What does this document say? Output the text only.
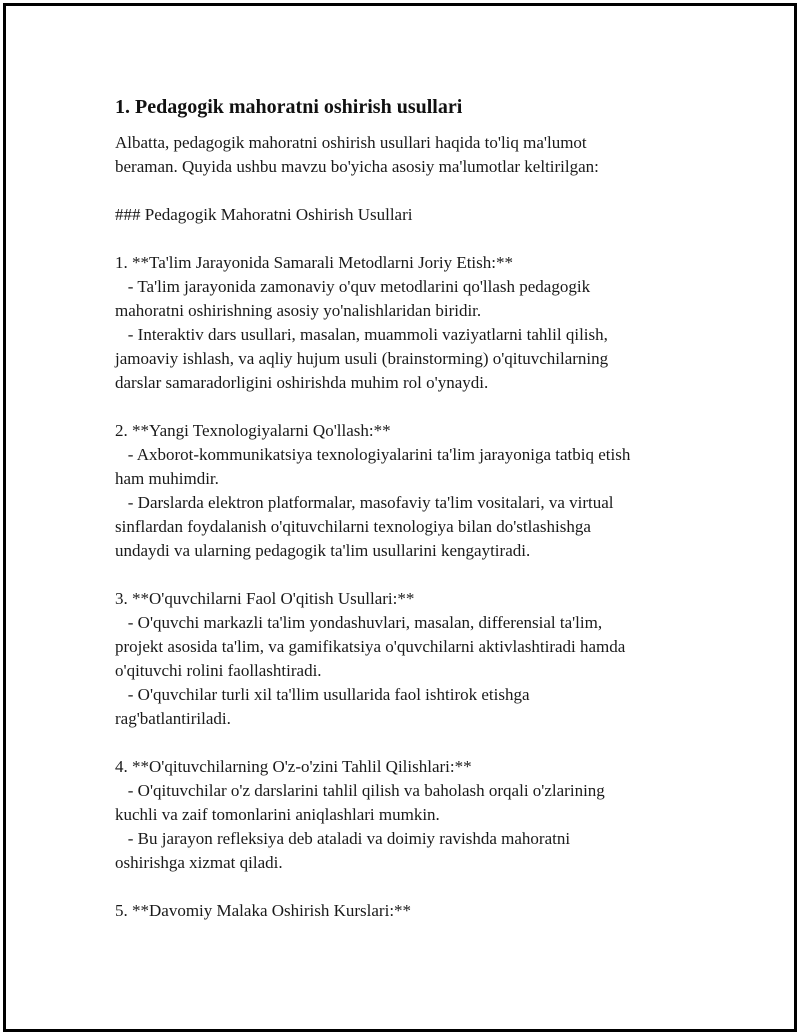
1. Pedagogik mahoratni oshirish usullari

Albatta, pedagogik mahoratni oshirish usullari haqida to'liq ma'lumot

beraman. Quyida ushbu mavzu bo'yicha asosiy ma'lumotlar keltirilgan:

### Pedagogik Mahoratni Oshirish Usullari

1. **Ta'lim Jarayonida Samarali Metodlarni Joriy Etish:**

- Ta'lim jarayonida zamonaviy o'quv metodlarini qo'llash pedagogik

mahoratni oshirishning asosiy yo'nalishlaridan biridir.

- Interaktiv dars usullari, masalan, muammoli vaziyatlarni tahlil qilish,

jamoaviy ishlash, va aqliy hujum usuli (brainstorming) o'qituvchilarning

darslar samaradorligini oshirishda muhim rol o'ynaydi.

2. **Yangi Texnologiyalarni Qo'llash:**

- Axborot-kommunikatsiya texnologiyalarini ta'lim jarayoniga tatbiq etish

ham muhimdir.

- Darslarda elektron platformalar, masofaviy ta'lim vositalari, va virtual

sinflardan foydalanish o'qituvchilarni texnologiya bilan do'stlashishga

undaydi va ularning pedagogik ta'lim usullarini kengaytiradi.

3. **O'quvchilarni Faol O'qitish Usullari:**

- O'quvchi markazli ta'lim yondashuvlari, masalan, differensial ta'lim,

projekt asosida ta'lim, va gamifikatsiya o'quvchilarni aktivlashtiradi hamda

o'qituvchi rolini faollashtiradi.

- O'quvchilar turli xil ta'llim usullarida faol ishtirok etishga

rag'batlantiriladi.

4. **O'qituvchilarning O'z-o'zini Tahlil Qilishlari:**

- O'qituvchilar o'z darslarini tahlil qilish va baholash orqali o'zlarining

kuchli va zaif tomonlarini aniqlashlari mumkin.

- Bu jarayon refleksiya deb ataladi va doimiy ravishda mahoratni

oshirishga xizmat qiladi.

5. **Davomiy Malaka Oshirish Kurslari:**
